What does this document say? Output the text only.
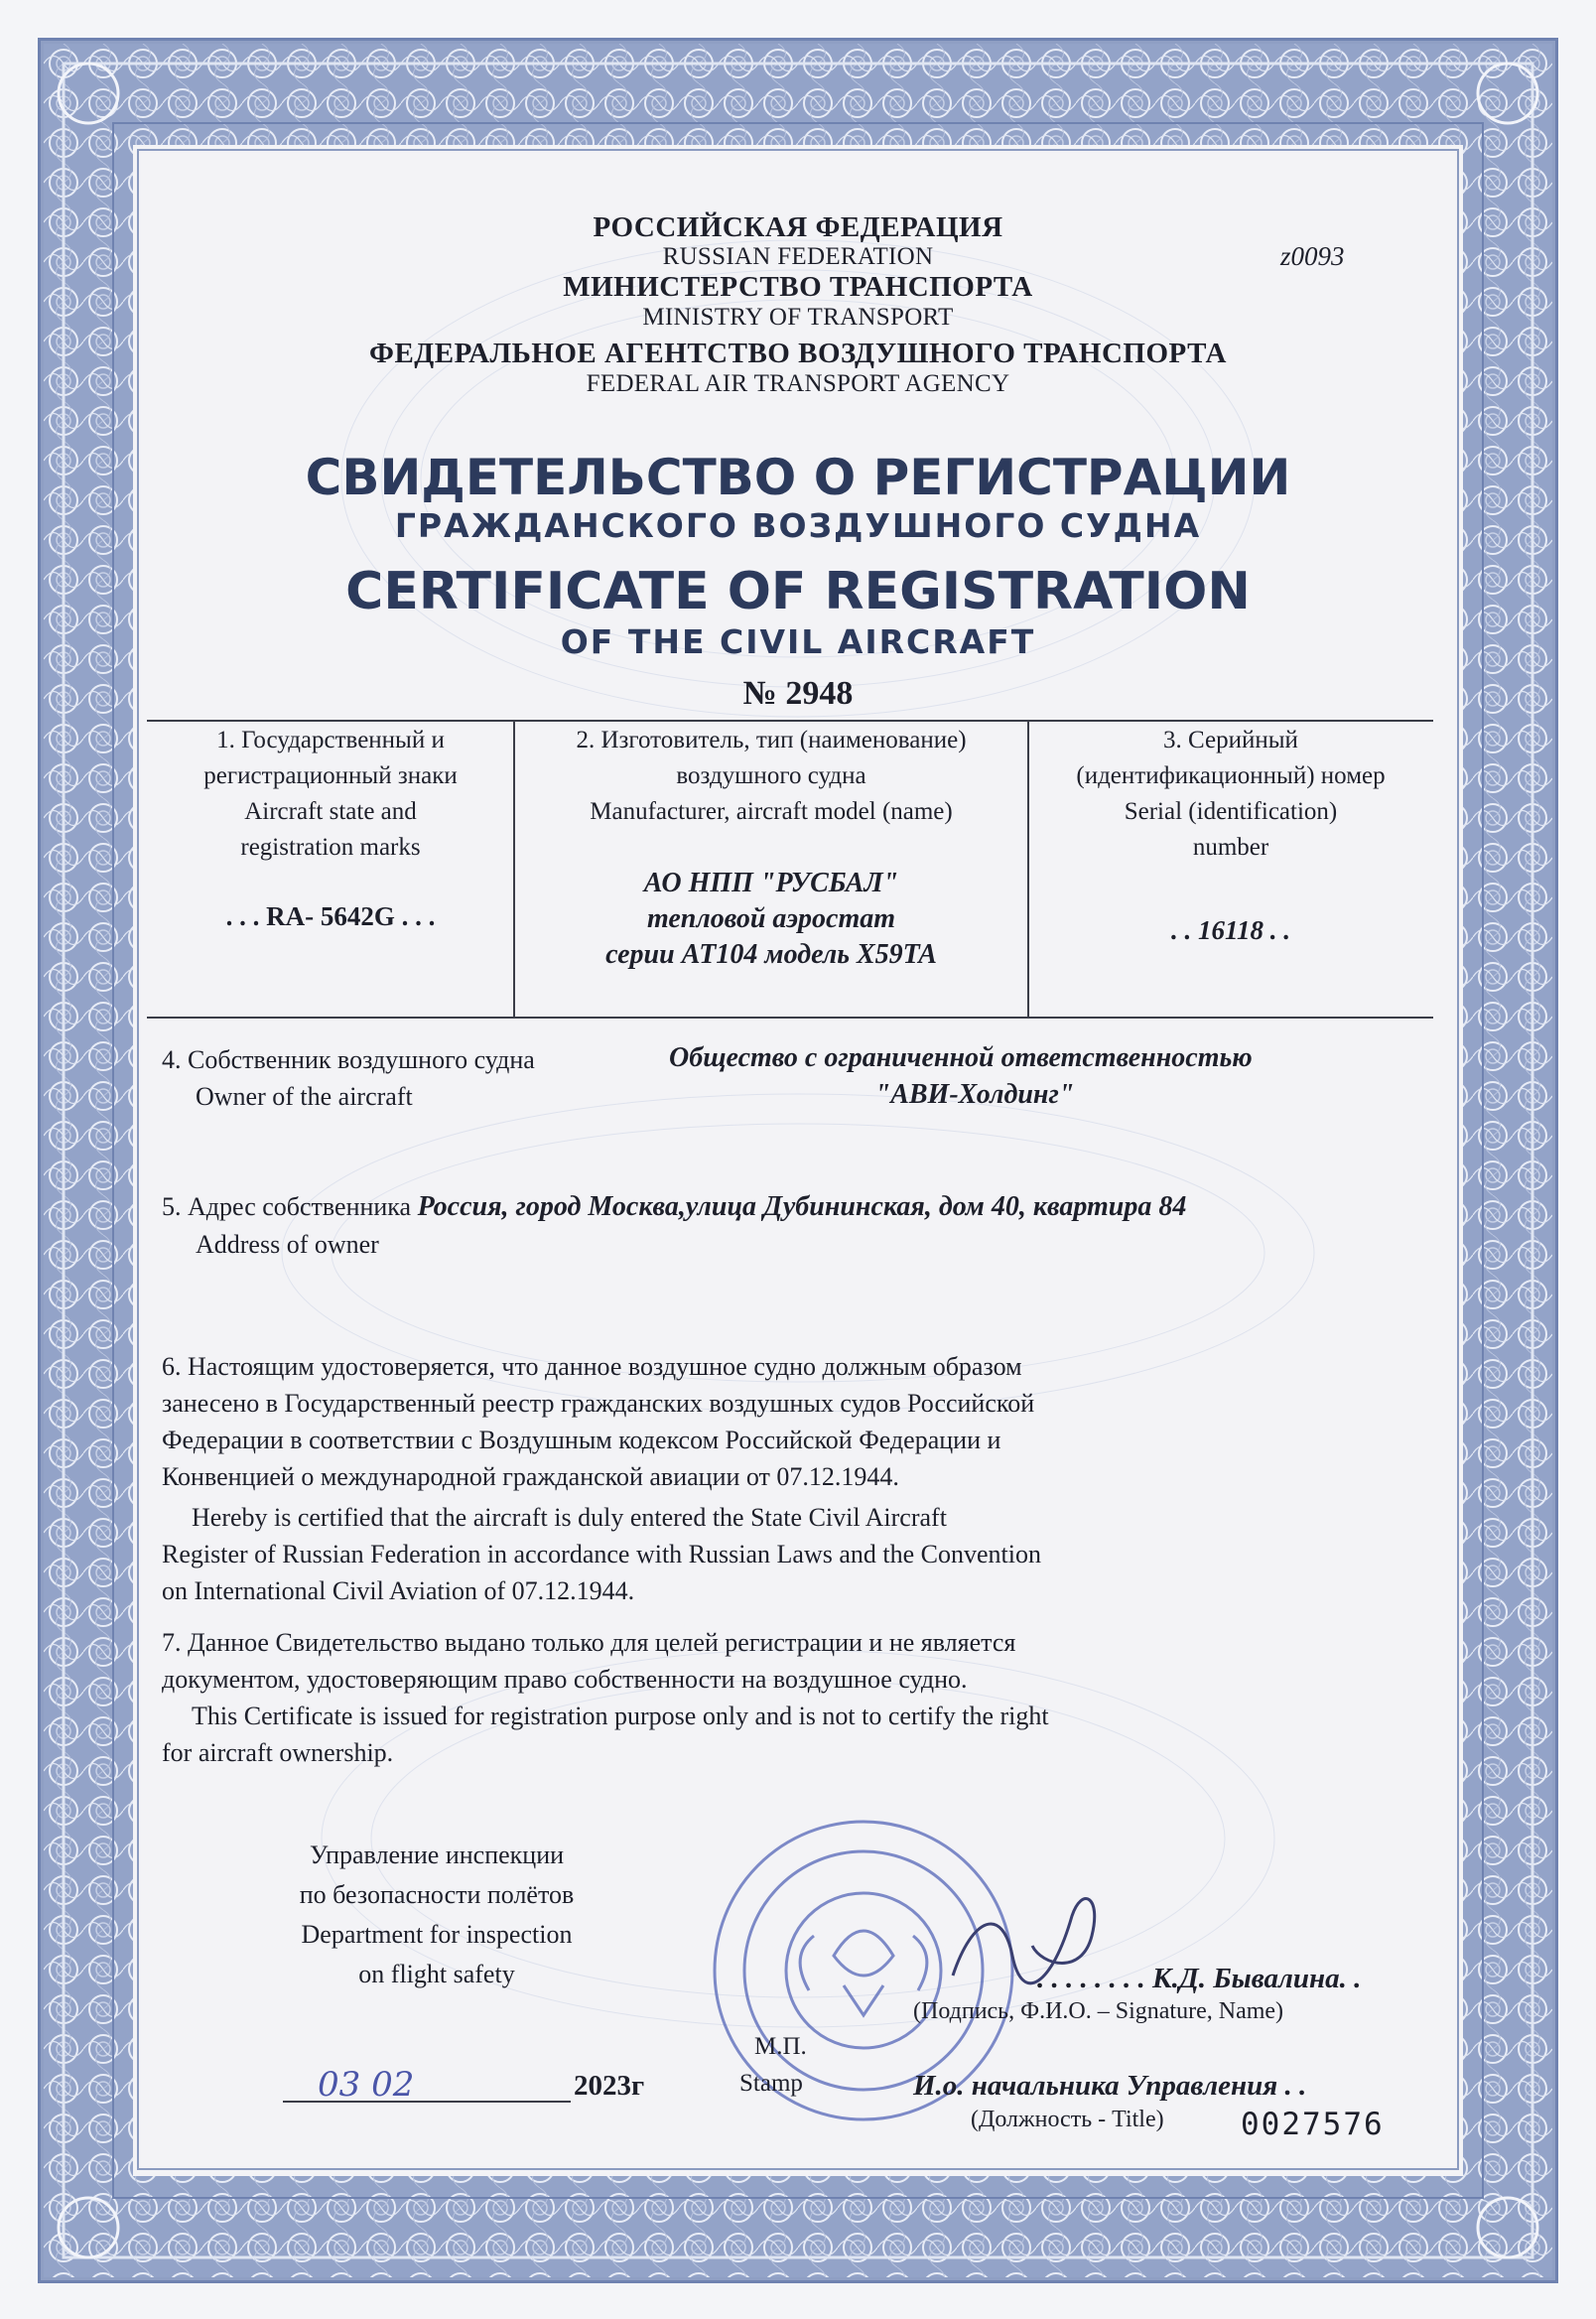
РОССИЙСКАЯ ФЕДЕРАЦИЯ
RUSSIAN FEDERATION	z0093
МИНИСТЕРСТВО ТРАНСПОРТА
MINISTRY OF TRANSPORT
ФЕДЕРАЛЬНОЕ АГЕНТСТВО ВОЗДУШНОГО ТРАНСПОРТА
FEDERAL AIR TRANSPORT AGENCY
СВИДЕТЕЛЬСТВО О РЕГИСТРАЦИИ
ГРАЖДАНСКОГО ВОЗДУШНОГО СУДНА
CERTIFICATE OF REGISTRATION
OF THE CIVIL AIRCRAFT
№ 2948
1. Государственный и
регистрационный знаки
Aircraft state and
registration marks
. . . RA- 5642G . . .
2. Изготовитель, тип (наименование)
воздушного судна
Manufacturer, aircraft model (name)
АО НПП "РУСБАЛ"
тепловой аэростат
серии АТ104 модель X59TA
3. Серийный
(идентификационный) номер
Serial (identification)
number
. . 16118 . .
4. Собственник воздушного судна
Owner of the aircraft
Общество с ограниченной ответственностью
"АВИ-Холдинг"
5. Адрес собственника Россия, город Москва,улица Дубининская, дом 40, квартира 84
Address of owner
6. Настоящим удостоверяется, что данное воздушное судно должным образом
занесено в Государственный реестр гражданских воздушных судов Российской
Федерации в соответствии с Воздушным кодексом Российской Федерации и
Конвенцией о международной гражданской авиации от 07.12.1944.
Hereby is certified that the aircraft is duly entered the State Civil Aircraft
Register of Russian Federation in accordance with Russian Laws and the Convention
on International Civil Aviation of 07.12.1944.
7. Данное Свидетельство выдано только для целей регистрации и не является
документом, удостоверяющим право собственности на воздушное судно.
This Certificate is issued for registration purpose only and is not to certify the right
for aircraft ownership.
Управление инспекции
по безопасности полётов
Department for inspection
on flight safety
03 02	2023г
М.П.
Stamp
. . . . . . . . К.Д. Бывалина. .
(Подпись, Ф.И.О. – Signature, Name)
И.о. начальника Управления . .
(Должность - Title) 0027576
